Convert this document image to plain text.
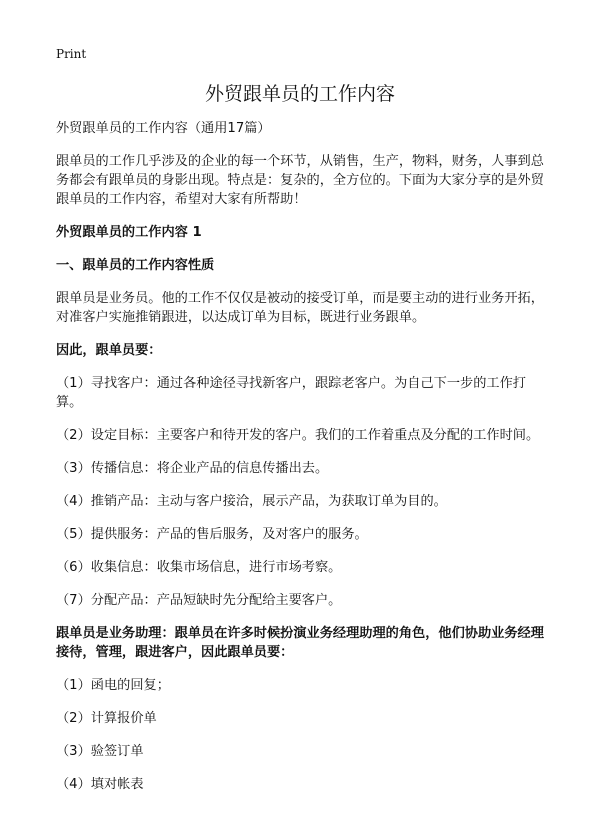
Print
外贸跟单员的工作内容

外贸跟单员的工作内容（通用17篇）

跟单员的工作几乎涉及的企业的每一个环节，从销售，生产，物料，财务，人事到总务都会有跟单员的身影出现。特点是：复杂的，全方位的。下面为大家分享的是外贸跟单员的工作内容，希望对大家有所帮助！

外贸跟单员的工作内容 1

一、跟单员的工作内容性质

跟单员是业务员。他的工作不仅仅是被动的接受订单，而是要主动的进行业务开拓，对准客户实施推销跟进，以达成订单为目标，既进行业务跟单。

因此，跟单员要：

（1）寻找客户：通过各种途径寻找新客户，跟踪老客户。为自己下一步的工作打算。

（2）设定目标：主要客户和待开发的客户。我们的工作着重点及分配的工作时间。

（3）传播信息：将企业产品的信息传播出去。

（4）推销产品：主动与客户接洽，展示产品，为获取订单为目的。

（5）提供服务：产品的售后服务，及对客户的服务。

（6）收集信息：收集市场信息，进行市场考察。

（7）分配产品：产品短缺时先分配给主要客户。

跟单员是业务助理：跟单员在许多时候扮演业务经理助理的角色，他们协助业务经理接待，管理，跟进客户，因此跟单员要：

（1）函电的回复；

（2）计算报价单

（3）验签订单

（4）填对帐表
